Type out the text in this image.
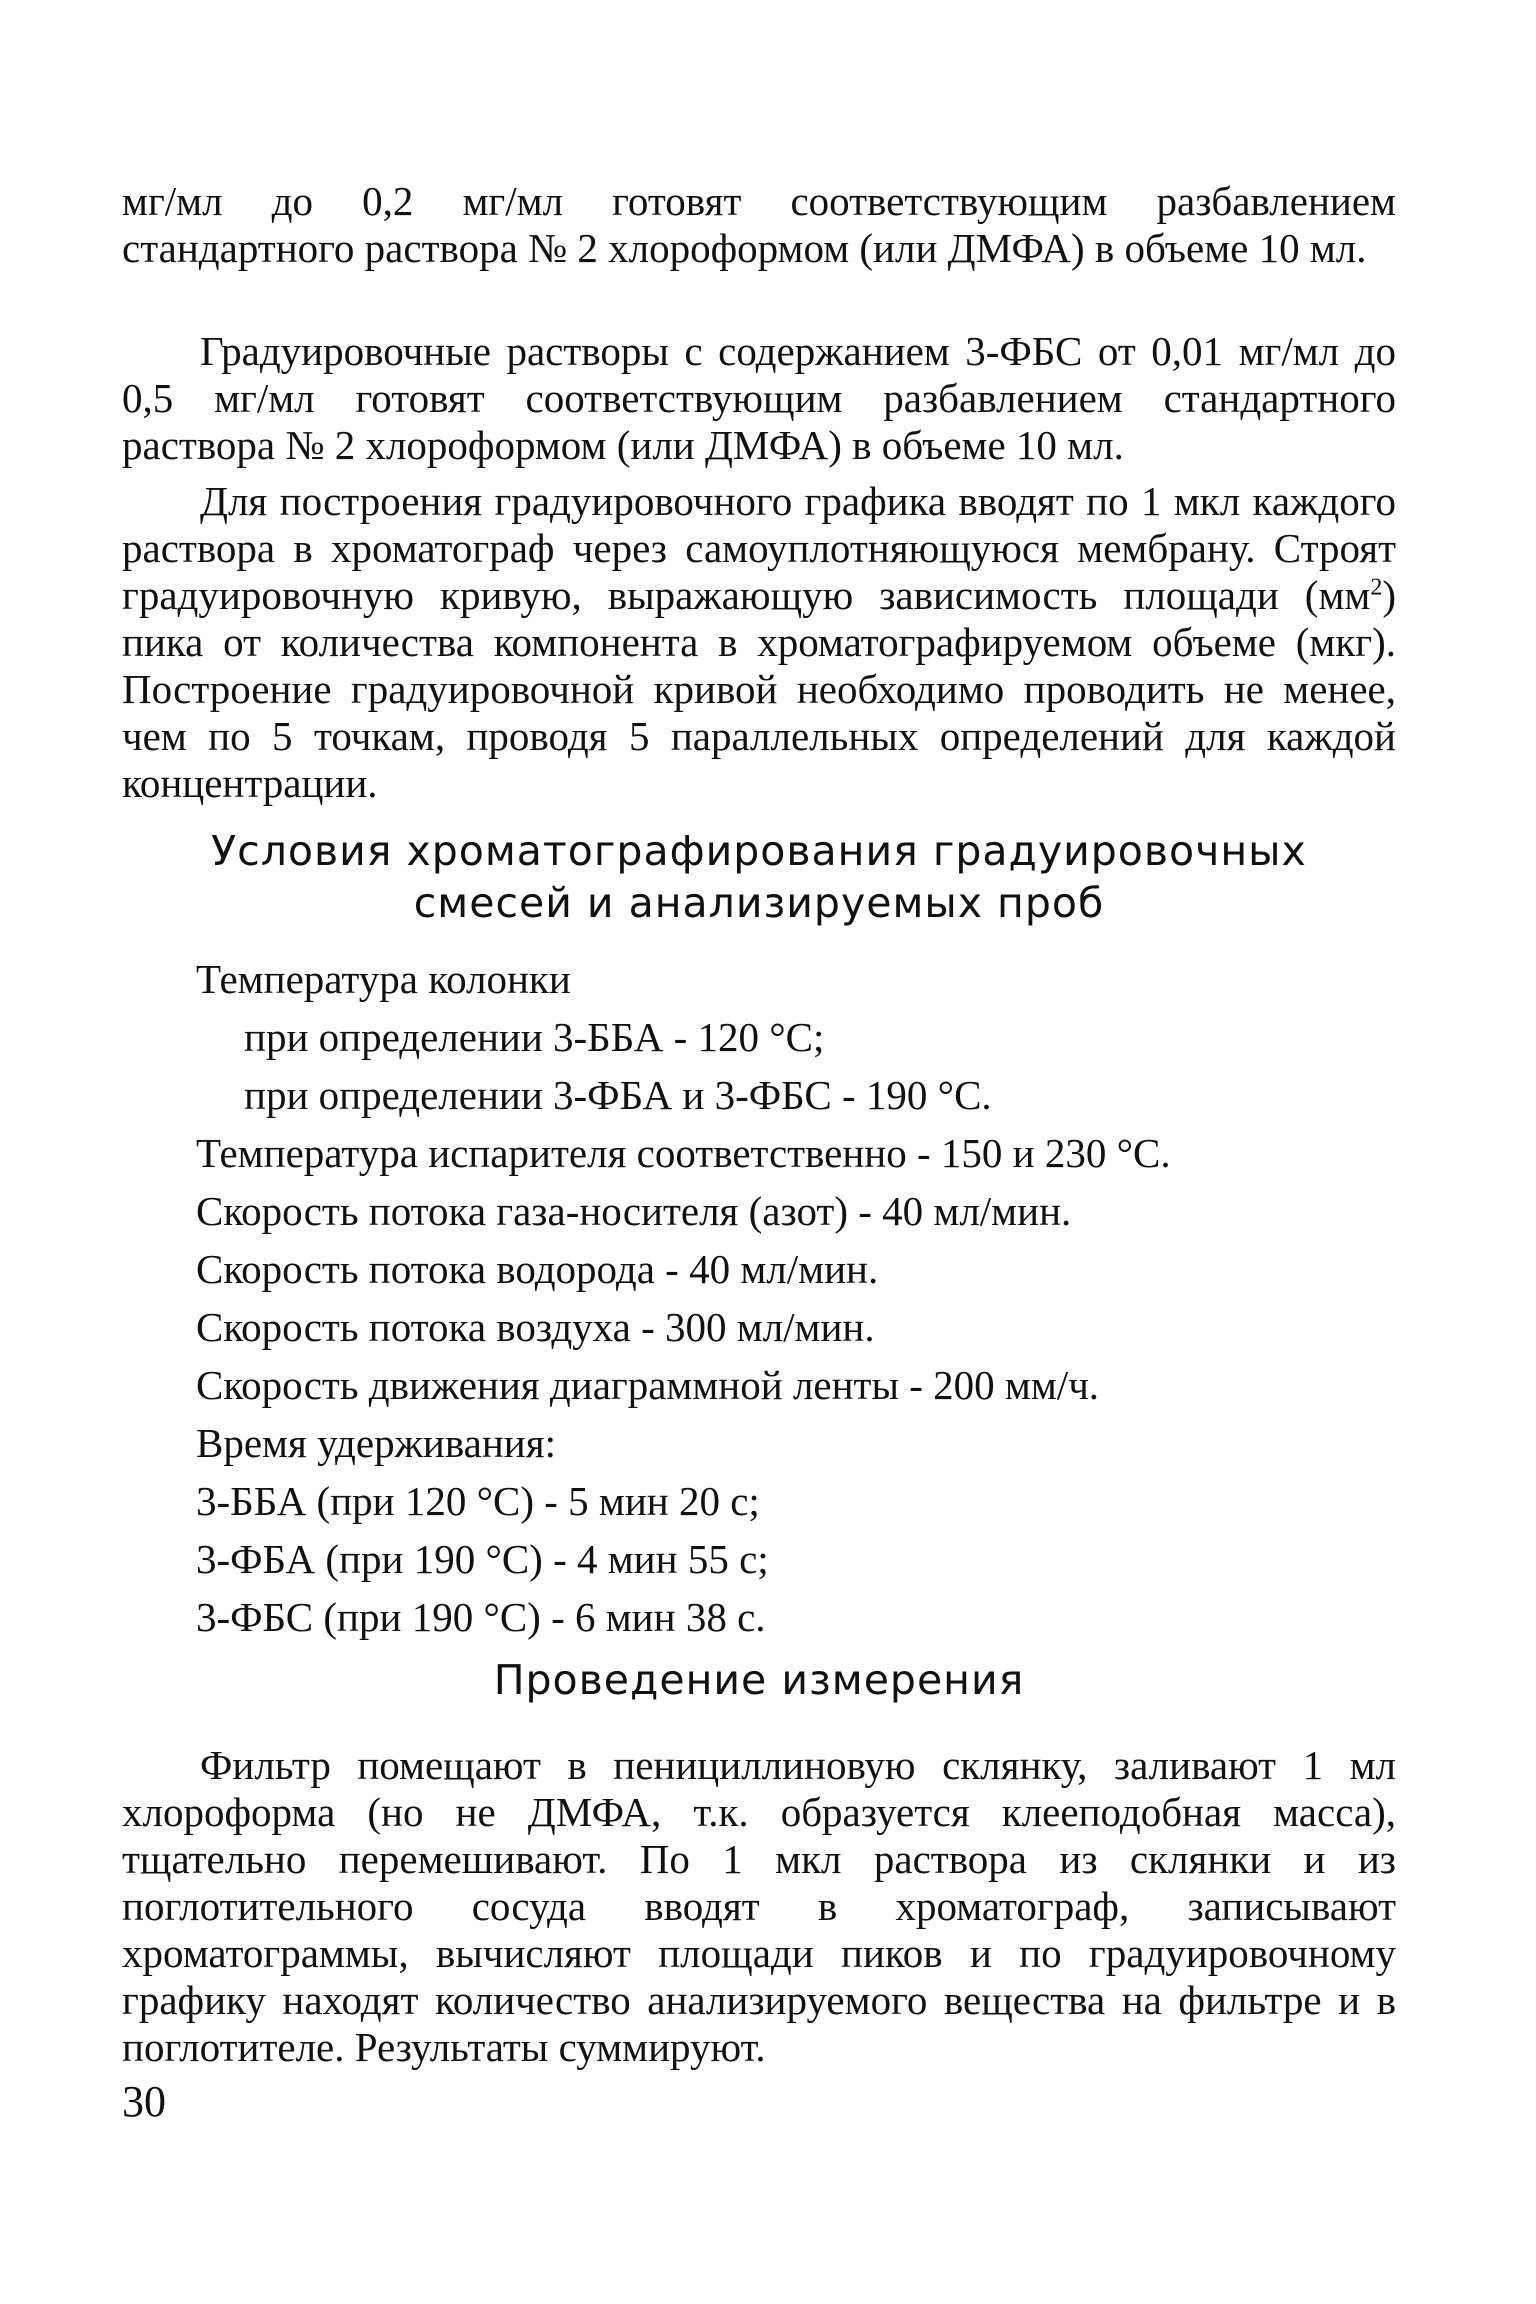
мг/мл до 0,2 мг/мл готовят соответствующим разбавлением стандартного раствора № 2 хлороформом (или ДМФА) в объеме 10 мл.

Градуировочные растворы с содержанием 3-ФБС от 0,01 мг/мл до 0,5 мг/мл готовят соответствующим разбавлением стандартного раствора № 2 хлороформом (или ДМФА) в объеме 10 мл.

Для построения градуировочного графика вводят по 1 мкл каждого раствора в хроматограф через самоуплотняющуюся мембрану. Строят градуировочную кривую, выражающую зависимость площади $(мм^2)$ пика от количества компонента в хроматографируемом объеме (мкг). Построение градуировочной кривой необходимо проводить не менее, чем по 5 точкам, проводя 5 параллельных определений для каждой концентрации.

Условия хроматографирования градуировочных
смесей и анализируемых проб
Температура колонки
при определении 3-ББА - 120 °С;
при определении 3-ФБА и 3-ФБС - 190 °С.
Температура испарителя соответственно - 150 и 230 °С.
Скорость потока газа-носителя (азот) - 40 мл/мин.
Скорость потока водорода - 40 мл/мин.
Скорость потока воздуха - 300 мл/мин.
Скорость движения диаграммной ленты - 200 мм/ч.
Время удерживания:
3-ББА (при 120 °С) - 5 мин 20 с;
3-ФБА (при 190 °С) - 4 мин 55 с;
3-ФБС (при 190 °С) - 6 мин 38 с.
Проведение измерения

Фильтр помещают в пенициллиновую склянку, заливают 1 мл хлороформа (но не ДМФА, т.к. образуется клееподобная масса), тщательно перемешивают. По 1 мкл раствора из склянки и из поглотительного сосуда вводят в хроматограф, записывают хроматограммы, вычисляют площади пиков и по градуировочному графику находят количество анализируемого вещества на фильтре и в поглотителе. Результаты суммируют.

30
